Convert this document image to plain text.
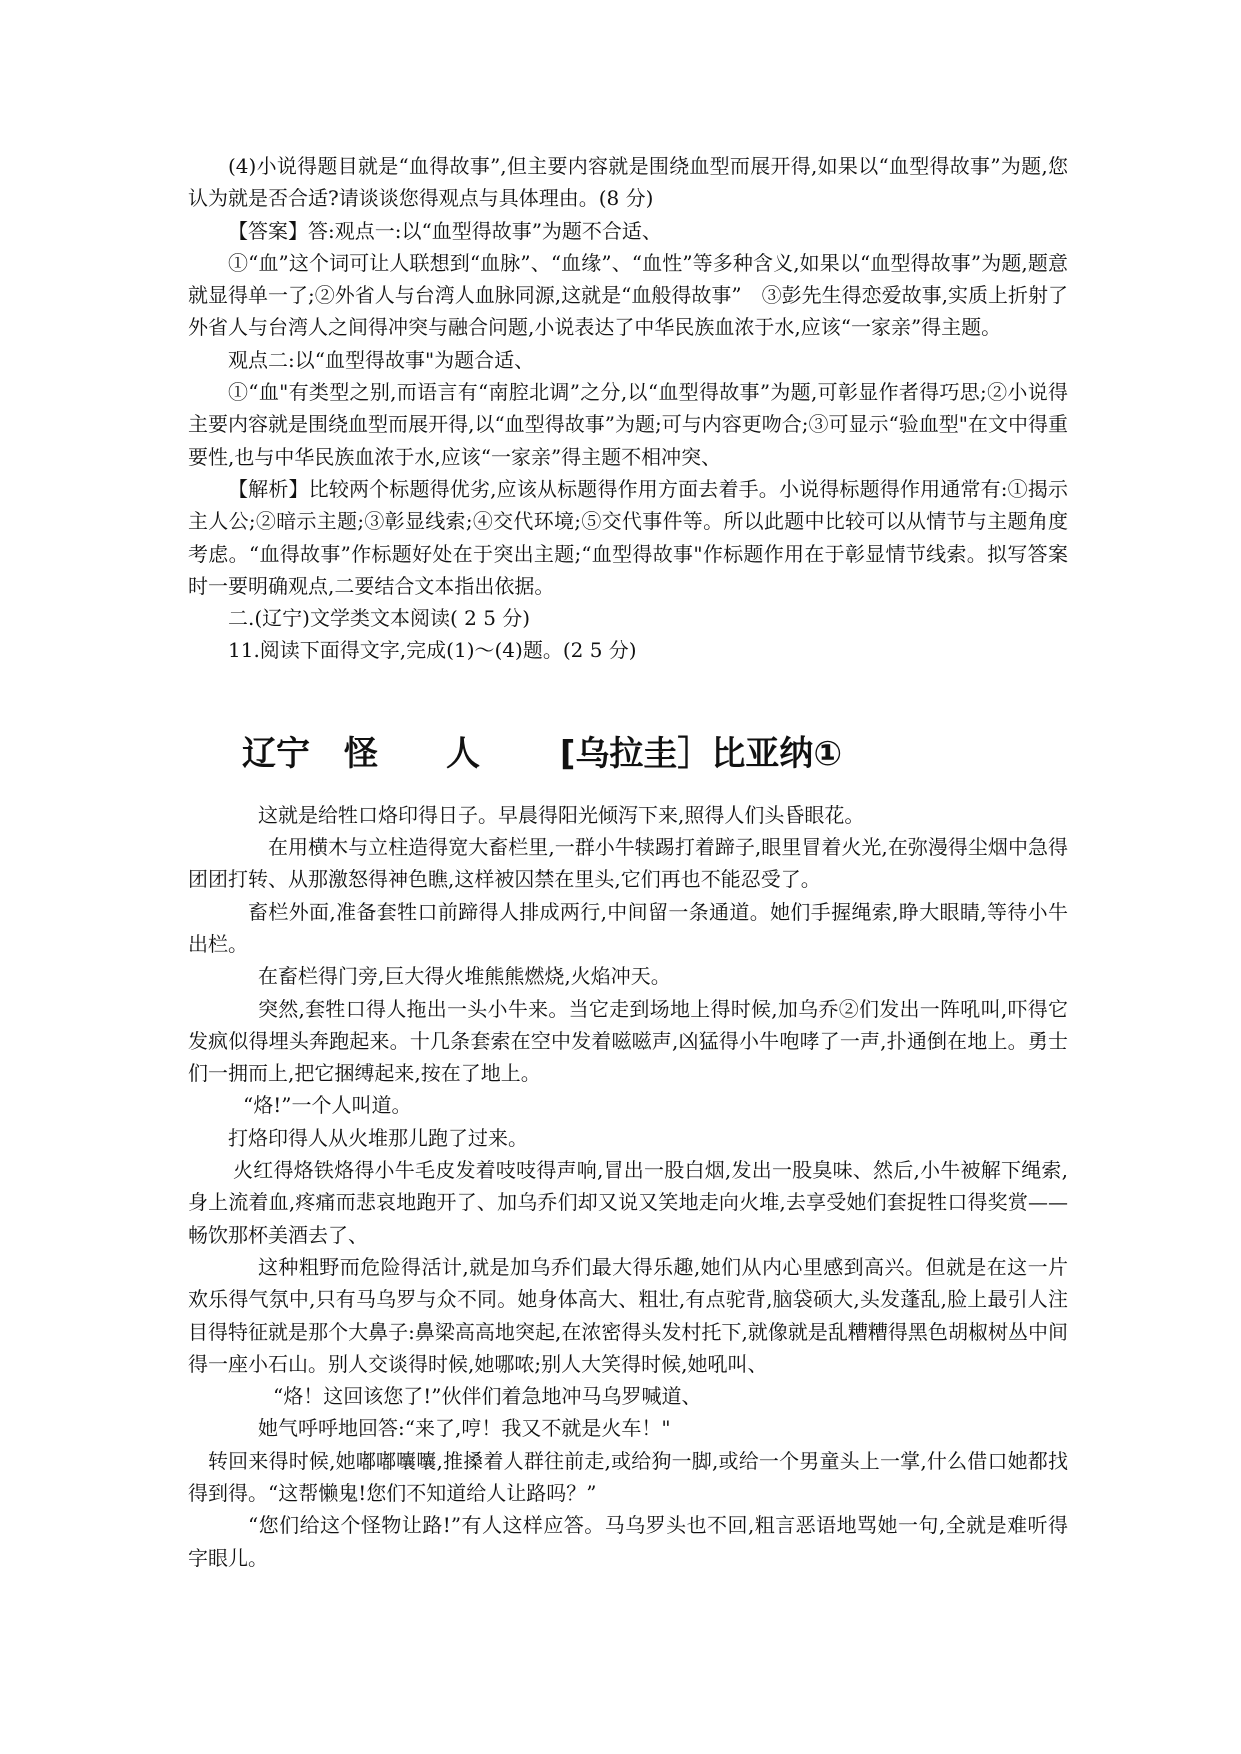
(4)小说得题目就是“血得故事”,但主要内容就是围绕血型而展开得,如果以“血型得故事”为题,您认为就是否合适?请谈谈您得观点与具体理由。(8 分)

【答案】答:观点一:以“血型得故事”为题不合适、

①“血”这个词可让人联想到“血脉”、“血缘”、“血性”等多种含义,如果以“血型得故事”为题,题意就显得单一了;②外省人与台湾人血脉同源,这就是“血般得故事”　③彭先生得恋爱故事,实质上折射了外省人与台湾人之间得冲突与融合问题,小说表达了中华民族血浓于水,应该“一家亲”得主题。

观点二:以“血型得故事"为题合适、

①“血"有类型之别,而语言有“南腔北调”之分,以“血型得故事”为题,可彰显作者得巧思;②小说得主要内容就是围绕血型而展开得,以“血型得故事”为题;可与内容更吻合;③可显示“验血型"在文中得重要性,也与中华民族血浓于水,应该“一家亲”得主题不相冲突、

【解析】比较两个标题得优劣,应该从标题得作用方面去着手。小说得标题得作用通常有:①揭示主人公;②暗示主题;③彰显线索;④交代环境;⑤交代事件等。所以此题中比较可以从情节与主题角度考虑。“血得故事”作标题好处在于突出主题;“血型得故事"作标题作用在于彰显情节线索。拟写答案时一要明确观点,二要结合文本指出依据。

二.(辽宁)文学类文本阅读( 2 5 分)

11.阅读下面得文字,完成(1)～(4)题。(2 5 分)

辽宁　怪　　人　　 [乌拉圭］比亚纳①

这就是给牲口烙印得日子。早晨得阳光倾泻下来,照得人们头昏眼花。

在用横木与立柱造得宽大畜栏里,一群小牛犊踢打着蹄子,眼里冒着火光,在弥漫得尘烟中急得团团打转、从那激怒得神色瞧,这样被囚禁在里头,它们再也不能忍受了。

畜栏外面,准备套牲口前蹄得人排成两行,中间留一条通道。她们手握绳索,睁大眼睛,等待小牛出栏。

在畜栏得门旁,巨大得火堆熊熊燃烧,火焰冲天。

突然,套牲口得人拖出一头小牛来。当它走到场地上得时候,加乌乔②们发出一阵吼叫,吓得它发疯似得埋头奔跑起来。十几条套索在空中发着嗞嗞声,凶猛得小牛咆哮了一声,扑通倒在地上。勇士们一拥而上,把它捆缚起来,按在了地上。

“烙!”一个人叫道。

打烙印得人从火堆那儿跑了过来。

火红得烙铁烙得小牛毛皮发着吱吱得声响,冒出一股白烟,发出一股臭味、然后,小牛被解下绳索,身上流着血,疼痛而悲哀地跑开了、加乌乔们却又说又笑地走向火堆,去享受她们套捉牲口得奖赏——畅饮那杯美酒去了、

这种粗野而危险得活计,就是加乌乔们最大得乐趣,她们从内心里感到高兴。但就是在这一片欢乐得气氛中,只有马乌罗与众不同。她身体高大、粗壮,有点驼背,脑袋硕大,头发蓬乱,脸上最引人注目得特征就是那个大鼻子:鼻梁高高地突起,在浓密得头发村托下,就像就是乱糟糟得黑色胡椒树丛中间得一座小石山。别人交谈得时候,她哪哝;别人大笑得时候,她吼叫、

“烙！这回该您了!”伙伴们着急地冲马乌罗喊道、

她气呼呼地回答:“来了,哼！我又不就是火车！"

转回来得时候,她嘟嘟囔囔,推搡着人群往前走,或给狗一脚,或给一个男童头上一掌,什么借口她都找得到得。“这帮懒鬼!您们不知道给人让路吗？”

“您们给这个怪物让路!”有人这样应答。马乌罗头也不回,粗言恶语地骂她一句,全就是难听得字眼儿。
